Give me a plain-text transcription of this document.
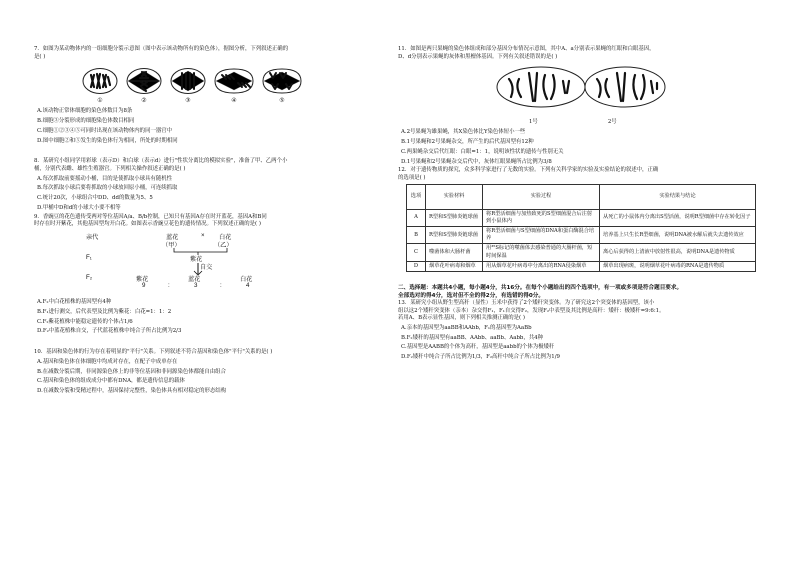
7．如图为某动物体内的一组细胞分裂示意图（图中表示该动物所有的染色体），据图分析，下列叙述正确的
是( )
①	②	③	④	⑤
A.该动物正常体细胞的染色体数目为8条
B.细胞③分裂形成的细胞染色体数目相同
C.细胞①②③④⑤可同时出现在该动物体内的同一器官中
D.图中细胞②和⑤发生的染色体行为相同，所处的时期相同
8．某研究小组同学用彩球（表示D）和白球（表示d）进行"性状分离比的模拟实验"，准备了甲、乙两个小
桶，分别代表雌、雄性生殖器官。下列相关操作叙述正确的是( )
A.每次抓取前要摇动小桶，目的是使抓取小球具有随机性
B.每次抓取小球后要将抓取的小球放回原小桶，可连续抓取
C.统计20次，小球组合中DD、dd的数量为5、5
D.甲桶中D和d的小球大小要不相等
9．香豌豆的花色遗传受两对等位基因A/a、B/b控制，已知只有基因A存在时开蓝花，基因A和B同
时存在时开紫花，其他基因型均开白花。如图表示香豌豆花色的遗传情况。下列叙述正确的是( )
亲代	蓝花	× 白花
（甲）	（乙）
F₁	紫花
自交
F₂	紫花	蓝花	白花
9	:	3	:	4
A.F₂中白花植株的基因型有4种
B.F₁进行测交，后代表型及比例为紫花：白花=1：1：2
C.F₂紫花植株中能稳定遗传的个体占1/6
D.F₂中蓝花植株自交，子代蓝花植株中纯合子所占比例为2/3
10．基因和染色体的行为存在着明显的"平行"关系。下列叙述不符合基因和染色体"平行"关系的是( )
A.基因和染色体在体细胞中均成对存在，在配子中成单存在
B.在减数分裂后期，非同源染色体上的非等位基因和非同源染色体都能自由组合
C.基因和染色体的组成成分中都有DNA，都是遗传信息的载体
D.在减数分裂和受精过程中，基因保持完整性，染色体具有相对稳定的形态结构
11．如图是两只果蝇的染色体组成和部分基因分布情况示意图，其中A、a分别表示果蝇的红眼和白眼基因，
D、d分别表示果蝇的灰体和黑檀体基因。下列有关叙述错误的是( )
1号	2号
A.2号果蝇为雄果蝇，其X染色体比Y染色体短小一些
B.1号果蝇和2号果蝇杂交，所产生的后代基因型有12种
C.两果蝇杂交后代红眼：白眼=1：1，说明该性状的遗传与性别无关
D.1号果蝇和2号果蝇杂交后代中，灰体红眼果蝇所占比例为3/8
12．对于遗传物质的探究，众多科学家进行了无数的实验。下列有关科学家的实验及实验结论的叙述中，正确
的选项是( )
选项	实验材料	实验过程	实验结果与结论
A	R型和S型肺炎链球菌	将R型活细菌与加热致死的S型细菌混合后注射到小鼠体内	从死亡的小鼠体内分离出S型活菌，说明R型细菌中存在转化因子
B	R型和S型肺炎链球菌	将R型活细菌与S型细菌的DNA和蛋白酶混合培养	培养基上只生长R型细菌，说明DNA被水解后就失去遗传效应
C	噬菌体和大肠杆菌	用³⁵S标记的噬菌体去感染普通的大肠杆菌，短时间保温	离心后获得的上清液中放射性很高，说明DNA是遗传物质
D	烟草花叶病毒和烟草	用从烟草花叶病毒中分离出的RNA侵染烟草	烟草出现病斑，说明烟草花叶病毒的RNA是遗传物质
二、选择题：本题共4小题，每小题4分，共16分。在每个小题给出的四个选项中，有一项或多项是符合题目要求。
全部选对的得4分，选对但不全的得2分，有选错的得0分。
13．某研究小组从野生型高秆（显性）玉米中获得了2个矮秆突变体。为了研究这2个突变体的基因型，该小
组以这2个矮秆突变体（亲本）杂交得F₁，F₁自交得F₂，发现F₂中表型及其比例是高秆：矮秆：极矮秆=9:6:1。
若用A、B表示显性基因，则下列相关推测正确的是( )
A.亲本的基因型为aaBB和AAbb，F₁的基因型为AaBb
B.F₂矮秆的基因型有aaBB、AAbb、aaBb、Aabb，共4种
C.基因型是AABB的个体为高秆，基因型是aabb的个体为极矮秆
D.F₂矮秆中纯合子所占比例为1/3，F₂高秆中纯合子所占比例为1/9
